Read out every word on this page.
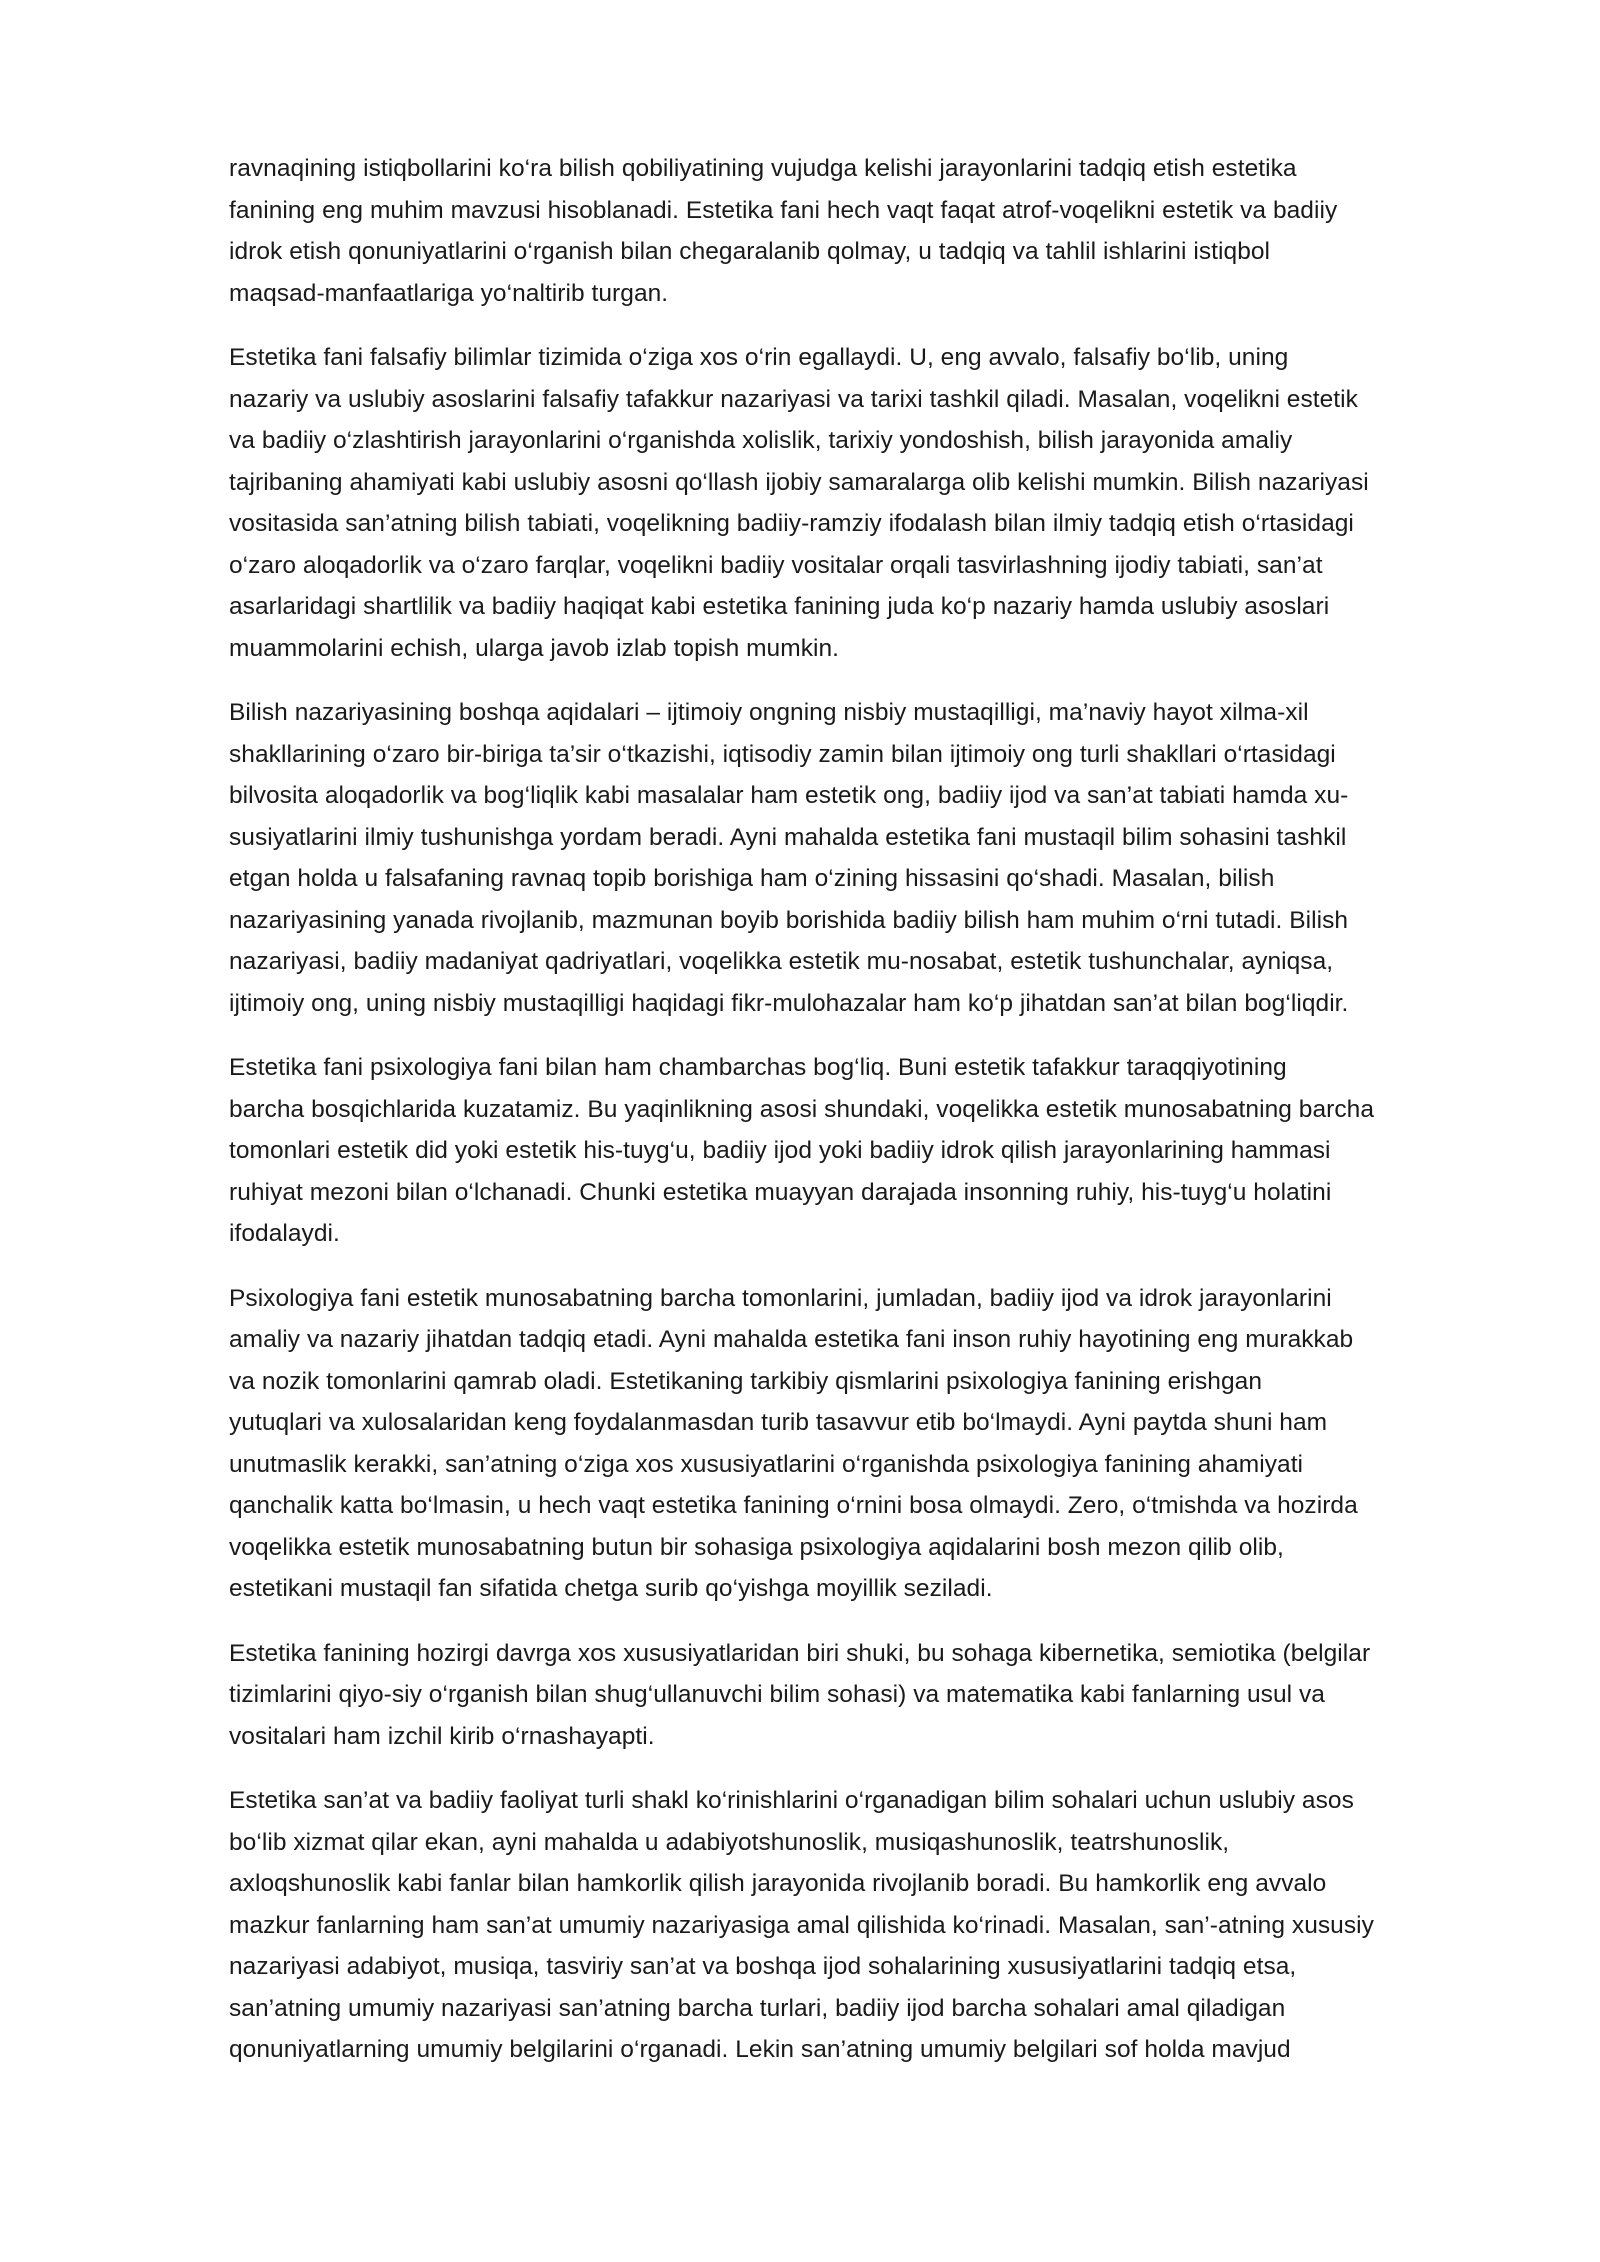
ravnaqining istiqbollarini ko‘ra bilish qobiliyatining vujudga kelishi jarayonlarini tadqiq etish estetika
fanining eng muhim mavzusi hisoblanadi. Estetika fani hech vaqt faqat atrof-voqelikni estetik va badiiy
idrok etish qonuniyatlarini o‘rganish bilan chegaralanib qolmay, u tadqiq va tahlil ishlarini istiqbol
maqsad-manfaatlariga yo‘naltirib turgan.

Estetika fani falsafiy bilimlar tizimida o‘ziga xos o‘rin egallaydi. U, eng avvalo, falsafiy bo‘lib, uning
nazariy va uslubiy asoslarini falsafiy tafakkur nazariyasi va tarixi tashkil qiladi. Masalan, voqelikni estetik
va badiiy o‘zlashtirish jarayonlarini o‘rganishda xolislik, tarixiy yondoshish, bilish jarayonida amaliy
tajribaning ahamiyati kabi uslubiy asosni qo‘llash ijobiy samaralarga olib kelishi mumkin. Bilish nazariyasi
vositasida san’atning bilish tabiati, voqelikning badiiy-ramziy ifodalash bilan ilmiy tadqiq etish o‘rtasidagi
o‘zaro aloqadorlik va o‘zaro farqlar, voqelikni badiiy vositalar orqali tasvirlashning ijodiy tabiati, san’at
asarlaridagi shartlilik va badiiy haqiqat kabi estetika fanining juda ko‘p nazariy hamda uslubiy asoslari
muammolarini echish, ularga javob izlab topish mumkin.

Bilish nazariyasining boshqa aqidalari – ijtimoiy ongning nisbiy mustaqilligi, ma’naviy hayot xilma-xil
shakllarining o‘zaro bir-biriga ta’sir o‘tkazishi, iqtisodiy zamin bilan ijtimoiy ong turli shakllari o‘rtasidagi
bilvosita aloqadorlik va bog‘liqlik kabi masalalar ham estetik ong, badiiy ijod va san’at tabiati hamda xu-
susiyatlarini ilmiy tushunishga yordam beradi. Ayni mahalda estetika fani mustaqil bilim sohasini tashkil
etgan holda u falsafaning ravnaq topib borishiga ham o‘zining hissasini qo‘shadi. Masalan, bilish
nazariyasining yanada rivojlanib, mazmunan boyib borishida badiiy bilish ham muhim o‘rni tutadi. Bilish
nazariyasi, badiiy madaniyat qadriyatlari, voqelikka estetik mu-nosabat, estetik tushunchalar, ayniqsa,
ijtimoiy ong, uning nisbiy mustaqilligi haqidagi fikr-mulohazalar ham ko‘p jihatdan san’at bilan bog‘liqdir.

Estetika fani psixologiya fani bilan ham chambarchas bog‘liq. Buni estetik tafakkur taraqqiyotining
barcha bosqichlarida kuzatamiz. Bu yaqinlikning asosi shundaki, voqelikka estetik munosabatning barcha
tomonlari estetik did yoki estetik his-tuyg‘u, badiiy ijod yoki badiiy idrok qilish jarayonlarining hammasi
ruhiyat mezoni bilan o‘lchanadi. Chunki estetika muayyan darajada insonning ruhiy, his-tuyg‘u holatini
ifodalaydi.

Psixologiya fani estetik munosabatning barcha tomonlarini, jumladan, badiiy ijod va idrok jarayonlarini
amaliy va nazariy jihatdan tadqiq etadi. Ayni mahalda estetika fani inson ruhiy hayotining eng murakkab
va nozik tomonlarini qamrab oladi. Estetikaning tarkibiy qismlarini psixologiya fanining erishgan
yutuqlari va xulosalaridan keng foydalanmasdan turib tasavvur etib bo‘lmaydi. Ayni paytda shuni ham
unutmaslik kerakki, san’atning o‘ziga xos xususiyatlarini o‘rganishda psixologiya fanining ahamiyati
qanchalik katta bo‘lmasin, u hech vaqt estetika fanining o‘rnini bosa olmaydi. Zero, o‘tmishda va hozirda
voqelikka estetik munosabatning butun bir sohasiga psixologiya aqidalarini bosh mezon qilib olib,
estetikani mustaqil fan sifatida chetga surib qo‘yishga moyillik seziladi.

Estetika fanining hozirgi davrga xos xususiyatlaridan biri shuki, bu sohaga kibernetika, semiotika (belgilar
tizimlarini qiyo-siy o‘rganish bilan shug‘ullanuvchi bilim sohasi) va matematika kabi fanlarning usul va
vositalari ham izchil kirib o‘rnashayapti.

Estetika san’at va badiiy faoliyat turli shakl ko‘rinishlarini o‘rganadigan bilim sohalari uchun uslubiy asos
bo‘lib xizmat qilar ekan, ayni mahalda u adabiyotshunoslik, musiqashunoslik, teatrshunoslik,
axloqshunoslik kabi fanlar bilan hamkorlik qilish jarayonida rivojlanib boradi. Bu hamkorlik eng avvalo
mazkur fanlarning ham san’at umumiy nazariyasiga amal qilishida ko‘rinadi. Masalan, san’-atning xususiy
nazariyasi adabiyot, musiqa, tasviriy san’at va boshqa ijod sohalarining xususiyatlarini tadqiq etsa,
san’atning umumiy nazariyasi san’atning barcha turlari, badiiy ijod barcha sohalari amal qiladigan
qonuniyatlarning umumiy belgilarini o‘rganadi. Lekin san’atning umumiy belgilari sof holda mavjud
